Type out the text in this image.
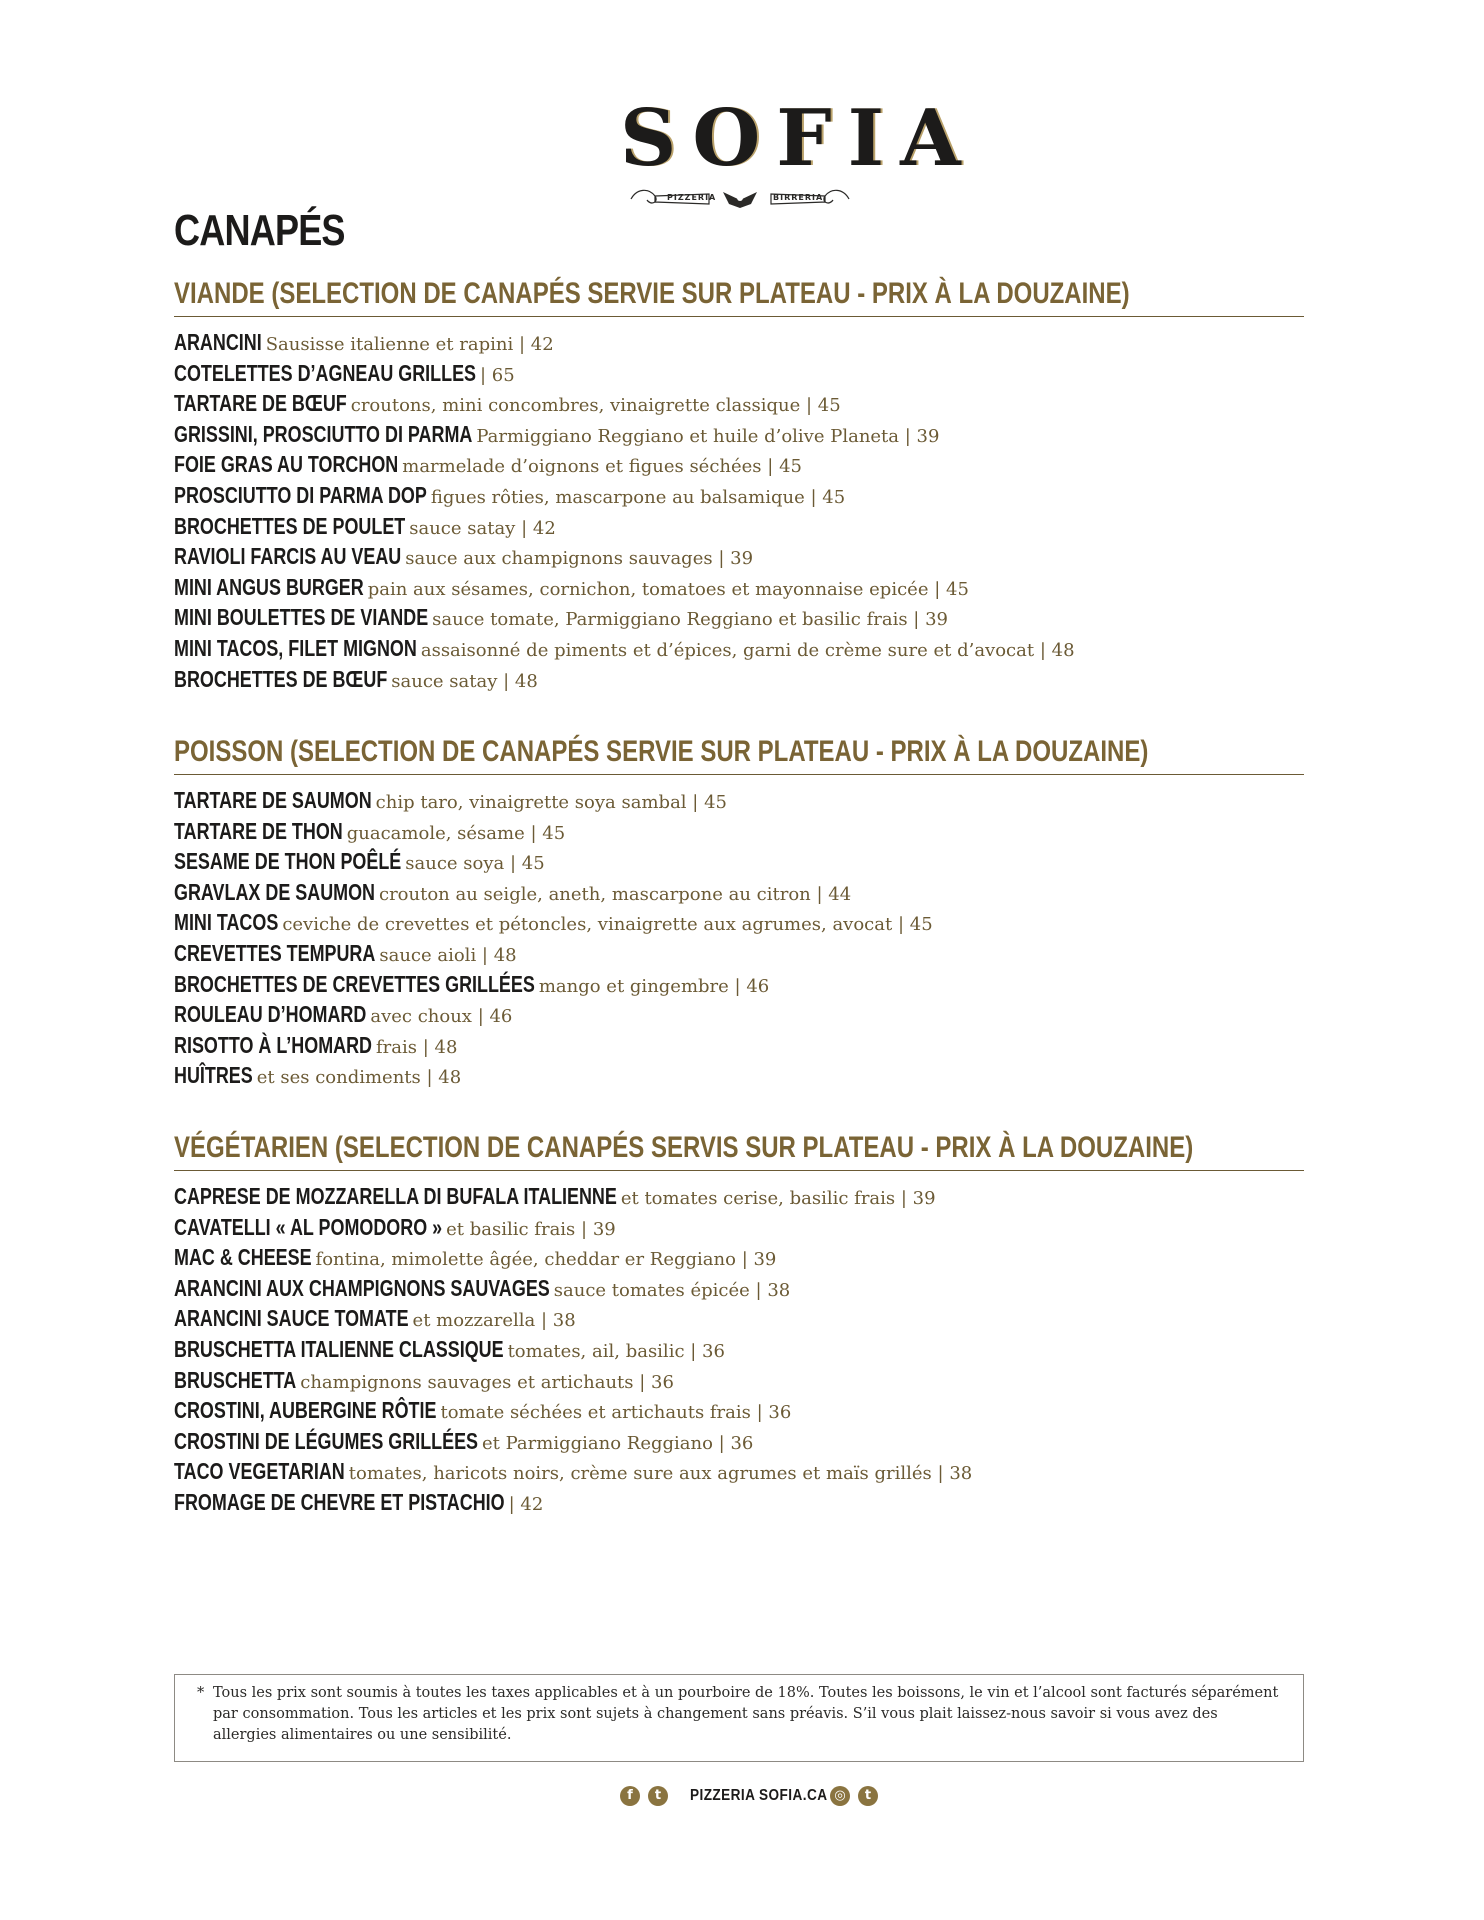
SOFIA
PIZZERIA	BIRRERIA
CANAPÉS
VIANDE (SELECTION DE CANAPÉS SERVIE SUR PLATEAU - PRIX À LA DOUZAINE)
ARANCINI Sausisse italienne et rapini | 42
COTELETTES D’AGNEAU GRILLES | 65
TARTARE DE BŒUF croutons, mini concombres, vinaigrette classique | 45
GRISSINI, PROSCIUTTO DI PARMA Parmiggiano Reggiano et huile d’olive Planeta | 39
FOIE GRAS AU TORCHON marmelade d’oignons et figues séchées | 45
PROSCIUTTO DI PARMA DOP figues rôties, mascarpone au balsamique | 45
BROCHETTES DE POULET sauce satay | 42
RAVIOLI FARCIS AU VEAU sauce aux champignons sauvages | 39
MINI ANGUS BURGER pain aux sésames, cornichon, tomatoes et mayonnaise epicée | 45
MINI BOULETTES DE VIANDE sauce tomate, Parmiggiano Reggiano et basilic frais | 39
MINI TACOS, FILET MIGNON assaisonné de piments et d’épices, garni de crème sure et d’avocat | 48
BROCHETTES DE BŒUF sauce satay | 48
POISSON (SELECTION DE CANAPÉS SERVIE SUR PLATEAU - PRIX À LA DOUZAINE)
TARTARE DE SAUMON chip taro, vinaigrette soya sambal | 45
TARTARE DE THON guacamole, sésame | 45
SESAME DE THON POÊLÉ sauce soya | 45
GRAVLAX DE SAUMON crouton au seigle, aneth, mascarpone au citron | 44
MINI TACOS ceviche de crevettes et pétoncles, vinaigrette aux agrumes, avocat | 45
CREVETTES TEMPURA sauce aioli | 48
BROCHETTES DE CREVETTES GRILLÉES mango et gingembre | 46
ROULEAU D’HOMARD avec choux | 46
RISOTTO À L’HOMARD frais | 48
HUÎTRES et ses condiments | 48
VÉGÉTARIEN (SELECTION DE CANAPÉS SERVIS SUR PLATEAU - PRIX À LA DOUZAINE)
CAPRESE DE MOZZARELLA DI BUFALA ITALIENNE et tomates cerise, basilic frais | 39
CAVATELLI « AL POMODORO » et basilic frais | 39
MAC & CHEESE fontina, mimolette âgée, cheddar er Reggiano | 39
ARANCINI AUX CHAMPIGNONS SAUVAGES sauce tomates épicée | 38
ARANCINI SAUCE TOMATE et mozzarella | 38
BRUSCHETTA ITALIENNE CLASSIQUE tomates, ail, basilic | 36
BRUSCHETTA champignons sauvages et artichauts | 36
CROSTINI, AUBERGINE RÔTIE tomate séchées et artichauts frais | 36
CROSTINI DE LÉGUMES GRILLÉES et Parmiggiano Reggiano | 36
TACO VEGETARIAN tomates, haricots noirs, crème sure aux agrumes et maïs grillés | 38
FROMAGE DE CHEVRE ET PISTACHIO | 42
* Tous les prix sont soumis à toutes les taxes applicables et à un pourboire de 18%. Toutes les boissons, le vin et l’alcool sont facturés séparément par consommation. Tous les articles et les prix sont sujets à changement sans préavis. S’il vous plait laissez-nous savoir si vous avez des allergies alimentaires ou une sensibilité.
f	t	PIZZERIA SOFIA.CA ◎	t
